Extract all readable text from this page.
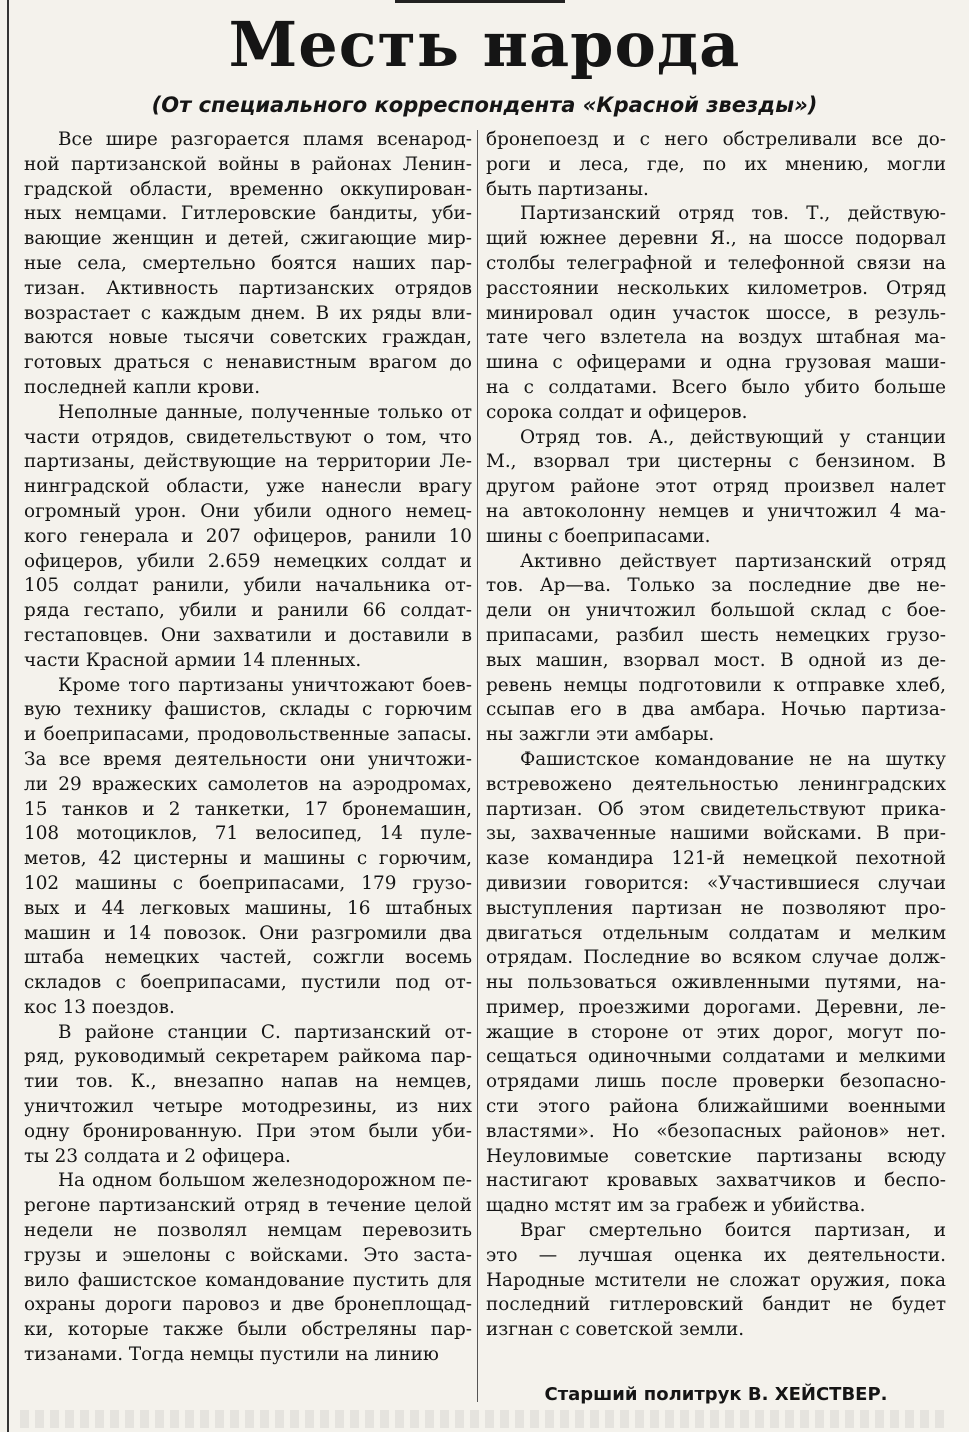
Месть народа
(От специального корреспондента «Красной звезды»)
Все шире разгорается пламя всенарод-
ной партизанской войны в районах Ленин-
градской области, временно оккупирован-
ных немцами. Гитлеровские бандиты, уби-
вающие женщин и детей, сжигающие мир-
ные села, смертельно боятся наших пар-
тизан. Активность партизанских отрядов
возрастает с каждым днем. В их ряды вли-
ваются новые тысячи советских граждан,
готовых драться с ненавистным врагом до
последней капли крови.
Неполные данные, полученные только от
части отрядов, свидетельствуют о том, что
партизаны, действующие на территории Ле-
нинградской области, уже нанесли врагу
огромный урон. Они убили одного немец-
кого генерала и 207 офицеров, ранили 10
офицеров, убили 2.659 немецких солдат и
105 солдат ранили, убили начальника от-
ряда гестапо, убили и ранили 66 солдат-
гестаповцев. Они захватили и доставили в
части Красной армии 14 пленных.
Кроме того партизаны уничтожают боев-
вую технику фашистов, склады с горючим
и боеприпасами, продовольственные запасы.
За все время деятельности они уничтожи-
ли 29 вражеских самолетов на аэродромах,
15 танков и 2 танкетки, 17 бронемашин,
108 мотоциклов, 71 велосипед, 14 пуле-
метов, 42 цистерны и машины с горючим,
102 машины с боеприпасами, 179 грузо-
вых и 44 легковых машины, 16 штабных
машин и 14 повозок. Они разгромили два
штаба немецких частей, сожгли восемь
складов с боеприпасами, пустили под от-
кос 13 поездов.
В районе станции С. партизанский от-
ряд, руководимый секретарем райкома пар-
тии тов. К., внезапно напав на немцев,
уничтожил четыре мотодрезины, из них
одну бронированную. При этом были уби-
ты 23 солдата и 2 офицера.
На одном большом железнодорожном пе-
регоне партизанский отряд в течение целой
недели не позволял немцам перевозить
грузы и эшелоны с войсками. Это заста-
вило фашистское командование пустить для
охраны дороги паровоз и две бронеплощад-
ки, которые также были обстреляны пар-
тизанами. Тогда немцы пустили на линию
бронепоезд и с него обстреливали все до-
роги и леса, где, по их мнению, могли
быть партизаны.
Партизанский отряд тов. Т., действую-
щий южнее деревни Я., на шоссе подорвал
столбы телеграфной и телефонной связи на
расстоянии нескольких километров. Отряд
минировал один участок шоссе, в резуль-
тате чего взлетела на воздух штабная ма-
шина с офицерами и одна грузовая маши-
на с солдатами. Всего было убито больше
сорока солдат и офицеров.
Отряд тов. А., действующий у станции
М., взорвал три цистерны с бензином. В
другом районе этот отряд произвел налет
на автоколонну немцев и уничтожил 4 ма-
шины с боеприпасами.
Активно действует партизанский отряд
тов. Ар—ва. Только за последние две не-
дели он уничтожил большой склад с бое-
припасами, разбил шесть немецких грузо-
вых машин, взорвал мост. В одной из де-
ревень немцы подготовили к отправке хлеб,
ссыпав его в два амбара. Ночью партиза-
ны зажгли эти амбары.
Фашистское командование не на шутку
встревожено деятельностью ленинградских
партизан. Об этом свидетельствуют прика-
зы, захваченные нашими войсками. В при-
казе командира 121-й немецкой пехотной
дивизии говорится: «Участившиеся случаи
выступления партизан не позволяют про-
двигаться отдельным солдатам и мелким
отрядам. Последние во всяком случае долж-
ны пользоваться оживленными путями, на-
пример, проезжими дорогами. Деревни, ле-
жащие в стороне от этих дорог, могут по-
сещаться одиночными солдатами и мелкими
отрядами лишь после проверки безопасно-
сти этого района ближайшими военными
властями». Но «безопасных районов» нет.
Неуловимые советские партизаны всюду
настигают кровавых захватчиков и беспо-
щадно мстят им за грабеж и убийства.
Враг смертельно боится партизан, и
это — лучшая оценка их деятельности.
Народные мстители не сложат оружия, пока
последний гитлеровский бандит не будет
изгнан с советской земли.
Старший политрук В. ХЕЙСТВЕР.
